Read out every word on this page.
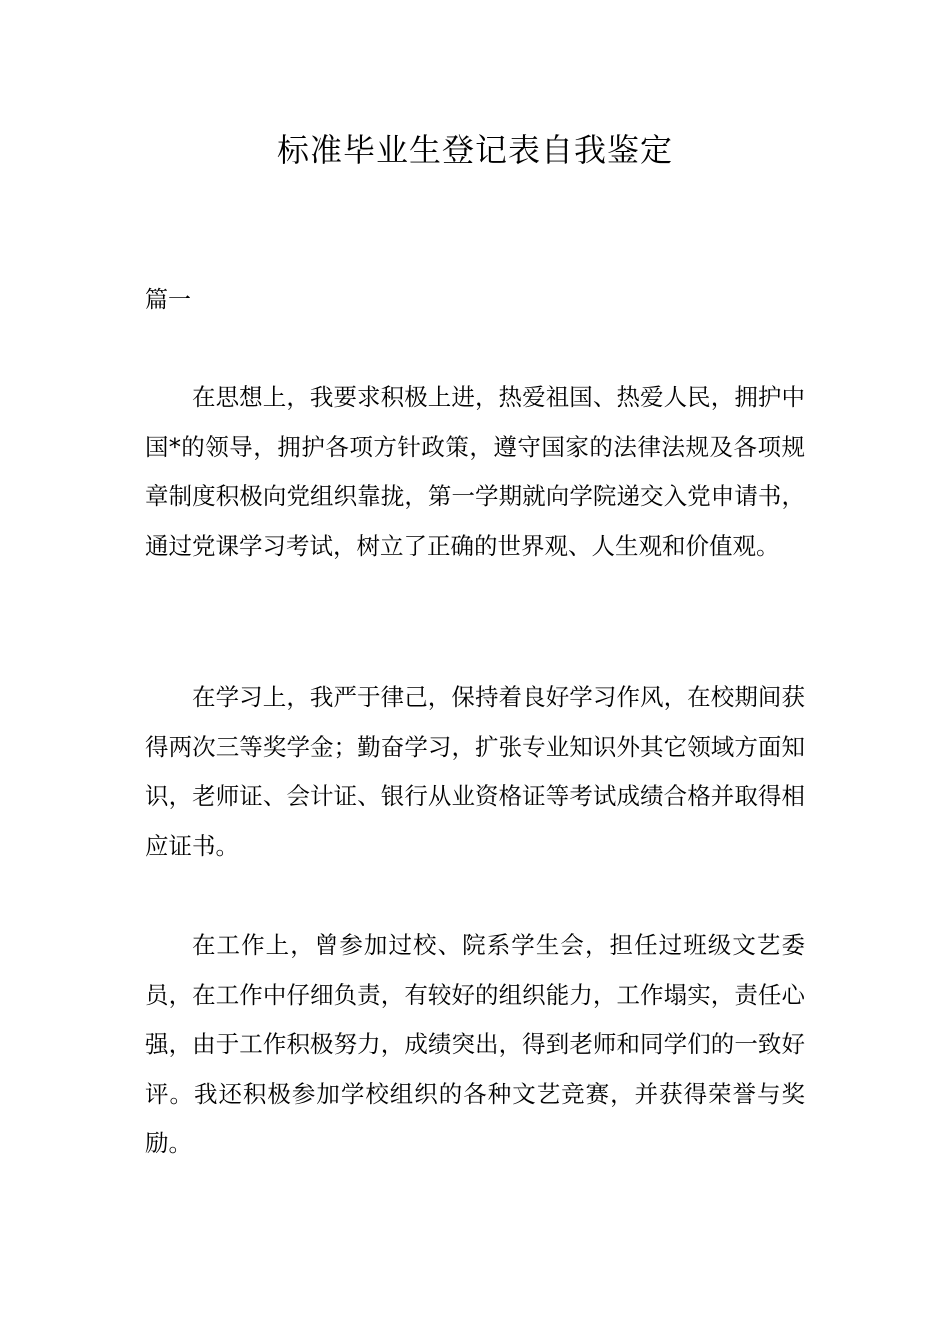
标准毕业生登记表自我鉴定

篇一

在思想上，我要求积极上进，热爱祖国、热爱人民，拥护中国*的领导，拥护各项方针政策，遵守国家的法律法规及各项规章制度积极向党组织靠拢，第一学期就向学院递交入党申请书，通过党课学习考试，树立了正确的世界观、人生观和价值观。

在学习上，我严于律己，保持着良好学习作风，在校期间获得两次三等奖学金；勤奋学习，扩张专业知识外其它领域方面知识，老师证、会计证、银行从业资格证等考试成绩合格并取得相应证书。

在工作上，曾参加过校、院系学生会，担任过班级文艺委员，在工作中仔细负责，有较好的组织能力，工作塌实，责任心强，由于工作积极努力，成绩突出，得到老师和同学们的一致好评。我还积极参加学校组织的各种文艺竞赛，并获得荣誉与奖励。
